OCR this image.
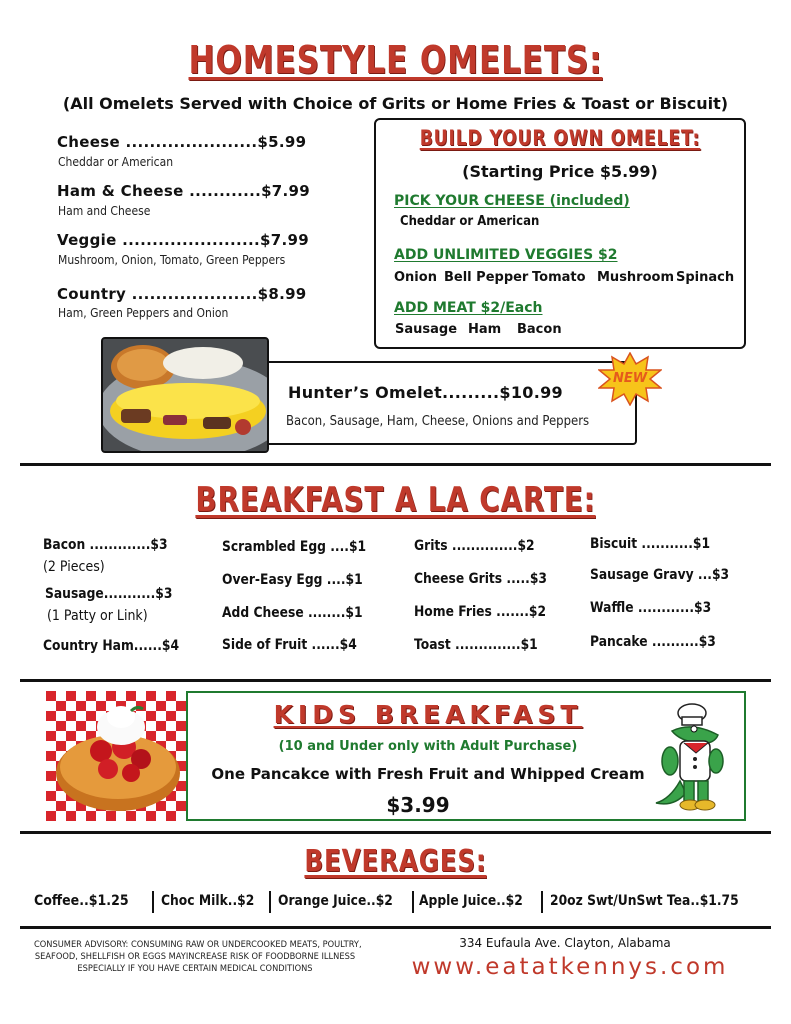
HOMESTYLE OMELETS:
(All Omelets Served with Choice of Grits or Home Fries & Toast or Biscuit)
Cheese ......................$5.99
Cheddar or American
Ham & Cheese ............$7.99
Ham and Cheese
Veggie .......................$7.99
Mushroom, Onion, Tomato, Green Peppers
Country .....................$8.99
Ham, Green Peppers and Onion
BUILD YOUR OWN OMELET:
(Starting Price $5.99)
PICK YOUR CHEESE (included)
Cheddar or American
ADD UNLIMITED VEGGIES $2
Onion Bell Pepper Tomato Mushroom Spinach
ADD MEAT $2/Each
Sausage Ham Bacon
Hunter’s Omelet.........$10.99
Bacon, Sausage, Ham, Cheese, Onions and Peppers
NEW
BREAKFAST A LA CARTE:
Bacon .............$3
(2 Pieces)
Sausage...........$3
(1 Patty or Link)
Country Ham......$4
Scrambled Egg ....$1
Over-Easy Egg ....$1
Add Cheese ........$1
Side of Fruit ......$4
Grits ..............$2
Cheese Grits .....$3
Home Fries .......$2
Toast ..............$1
Biscuit ...........$1
Sausage Gravy ...$3
Waffle ............$3
Pancake ..........$3
KIDS BREAKFAST
(10 and Under only with Adult Purchase)
One Pancakce with Fresh Fruit and Whipped Cream
$3.99
BEVERAGES:
Coffee..$1.25 Choc Milk..$2 Orange Juice..$2 Apple Juice..$2 20oz Swt/UnSwt Tea..$1.75
CONSUMER ADVISORY: CONSUMING RAW OR UNDERCOOKED MEATS, POULTRY,
SEAFOOD, SHELLFISH OR EGGS MAYINCREASE RISK OF FOODBORNE ILLNESS
ESPECIALLY IF YOU HAVE CERTAIN MEDICAL CONDITIONS
334 Eufaula Ave. Clayton, Alabama
www.eatatkennys.com
